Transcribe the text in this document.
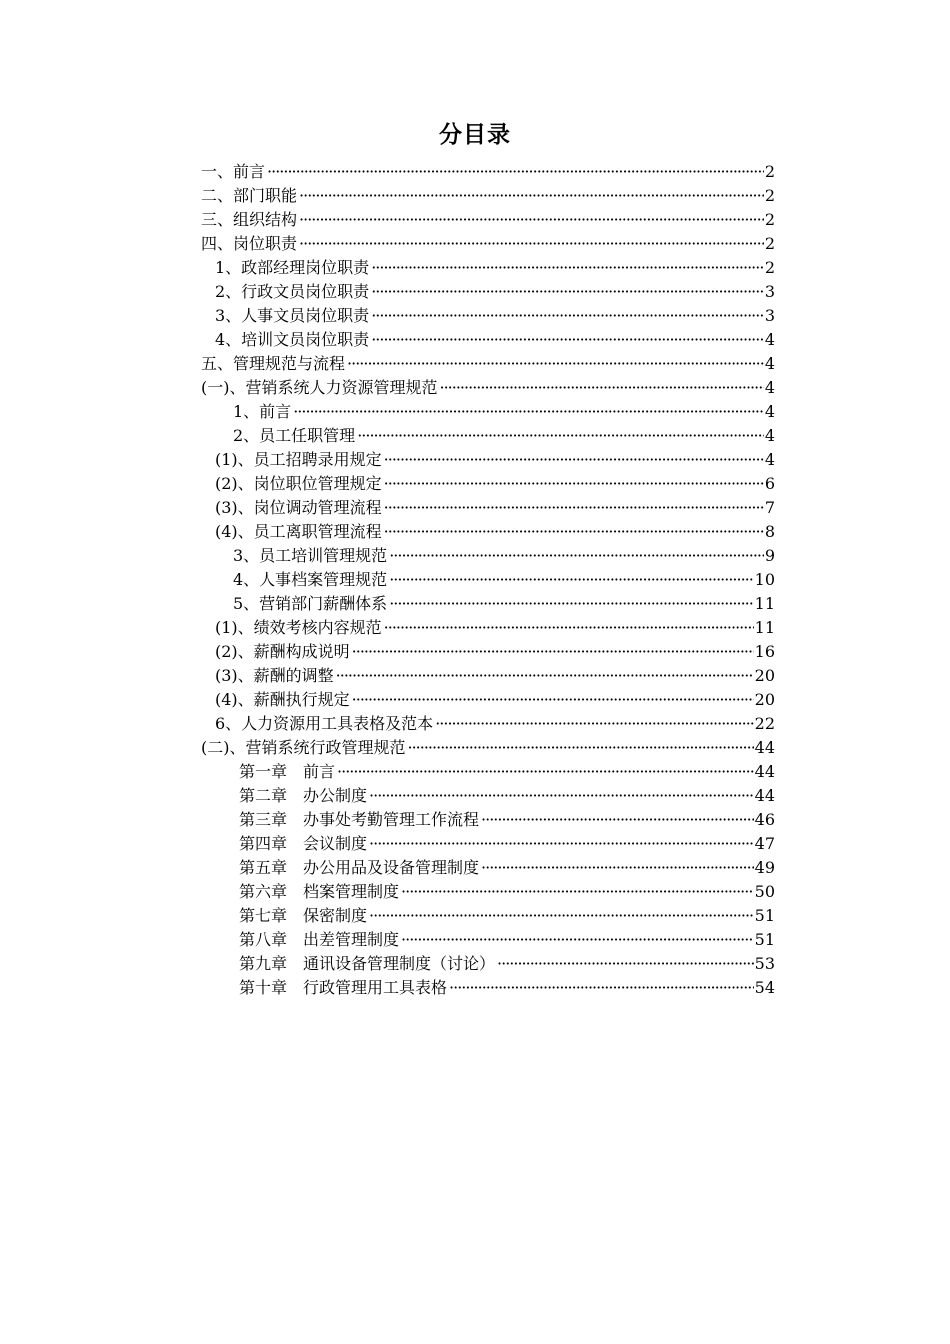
分目录
一、前言 ·····	2
二、部门职能 ·····	2
三、组织结构 ·····	2
四、岗位职责 ·····	2
1、政部经理岗位职责 ·····	2
2、行政文员岗位职责 ·····	3
3、人事文员岗位职责 ·····	3
4、培训文员岗位职责 ·····	4
五、管理规范与流程 ·····	4
(一)、营销系统人力资源管理规范 ·····	4
1、前言 ·····	4
2、员工任职管理 ·····	4
(1)、员工招聘录用规定 ·····	4
(2)、岗位职位管理规定 ·····	6
(3)、岗位调动管理流程 ·····	7
(4)、员工离职管理流程 ·····	8
3、员工培训管理规范 ·····	9
4、人事档案管理规范 ·····	10
5、营销部门薪酬体系 ·····	11
(1)、绩效考核内容规范 ·····	11
(2)、薪酬构成说明 ·····	16
(3)、薪酬的调整 ·····	20
(4)、薪酬执行规定 ·····	20
6、人力资源用工具表格及范本 ·····	22
(二)、营销系统行政管理规范 ·····	44
第一章 前言 ·····	44
第二章 办公制度 ·····	44
第三章 办事处考勤管理工作流程 ·····	46
第四章 会议制度 ·····	47
第五章 办公用品及设备管理制度 ·····	49
第六章 档案管理制度 ·····	50
第七章 保密制度 ·····	51
第八章 出差管理制度 ·····	51
第九章 通讯设备管理制度（讨论） ·····	53
第十章 行政管理用工具表格 ·····	54
